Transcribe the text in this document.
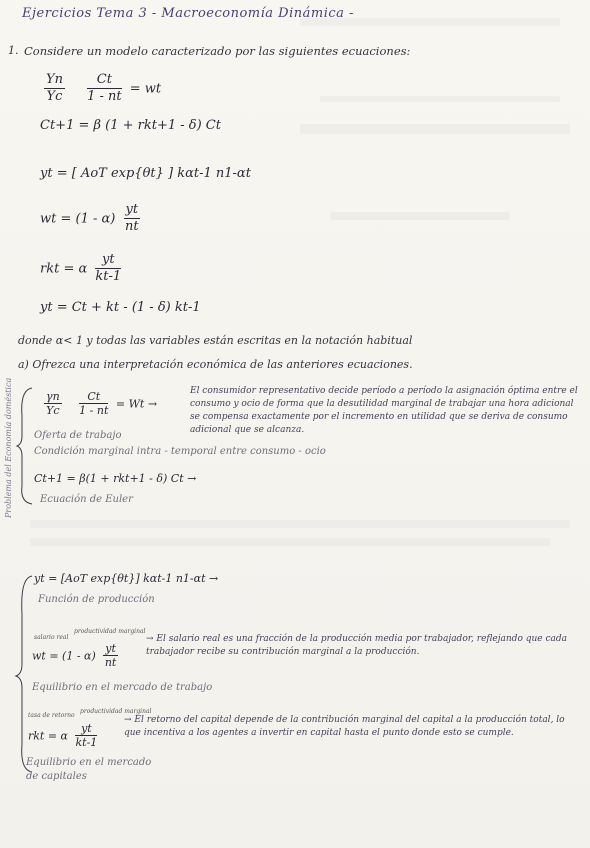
Ejercicios Tema 3 - Macroeconomía Dinámica -
1. Considere un modelo caracterizado por las siguientes ecuaciones:
$\frac{Yn}{Yc}$
$\frac{Ct}{1 - nt}$ = wt
Ct+1 = β (1 + rkt+1 - δ) Ct
yt = [ AoT exp{θt} ] kαt-1 n1-αt
wt = $(1 - \alpha) \frac{yt}{nt}$
rkt = α $\frac{yt}{kt-1}$
yt = Ct + kt - (1 - δ) kt-1
donde α< 1 y todas las variables están escritas en la notación habitual
a) Ofrezca una interpretación económica de las anteriores ecuaciones.
Problema del Economía doméstica	$\frac{\gamma n}{Yc}$
$\frac{Ct}{1 - nt} = Wt$ →
El consumidor representativo decide período a período la asignación óptima entre el consumo y ocio de forma que la desutilidad marginal de trabajar una hora adicional se compensa exactamente por el incremento en utilidad que se deriva de consumo adicional que se alcanza.
Oferta de trabajo
Condición marginal intra - temporal entre consumo - ocio
Ct+1 = β(1 + rkt+1 - δ) Ct →
Ecuación de Euler
yt = [AoT exp{θt}] kαt-1 n1-αt →
Función de producción
salario real
productividad marginal
wt = $(1 - \alpha) \frac{yt}{nt}$
→ El salario real es una fracción de la producción media por trabajador, reflejando que cada trabajador recibe su contribución marginal a la producción.
Equilibrio en el mercado de trabajo
tasa de retorno
productividad marginal
rkt = α $\frac{yt}{kt-1}$
→ El retorno del capital depende de la contribución marginal del capital a la producción total, lo que incentiva a los agentes a invertir en capital hasta el punto donde esto se cumple.
Equilibrio en el mercado de capitales
